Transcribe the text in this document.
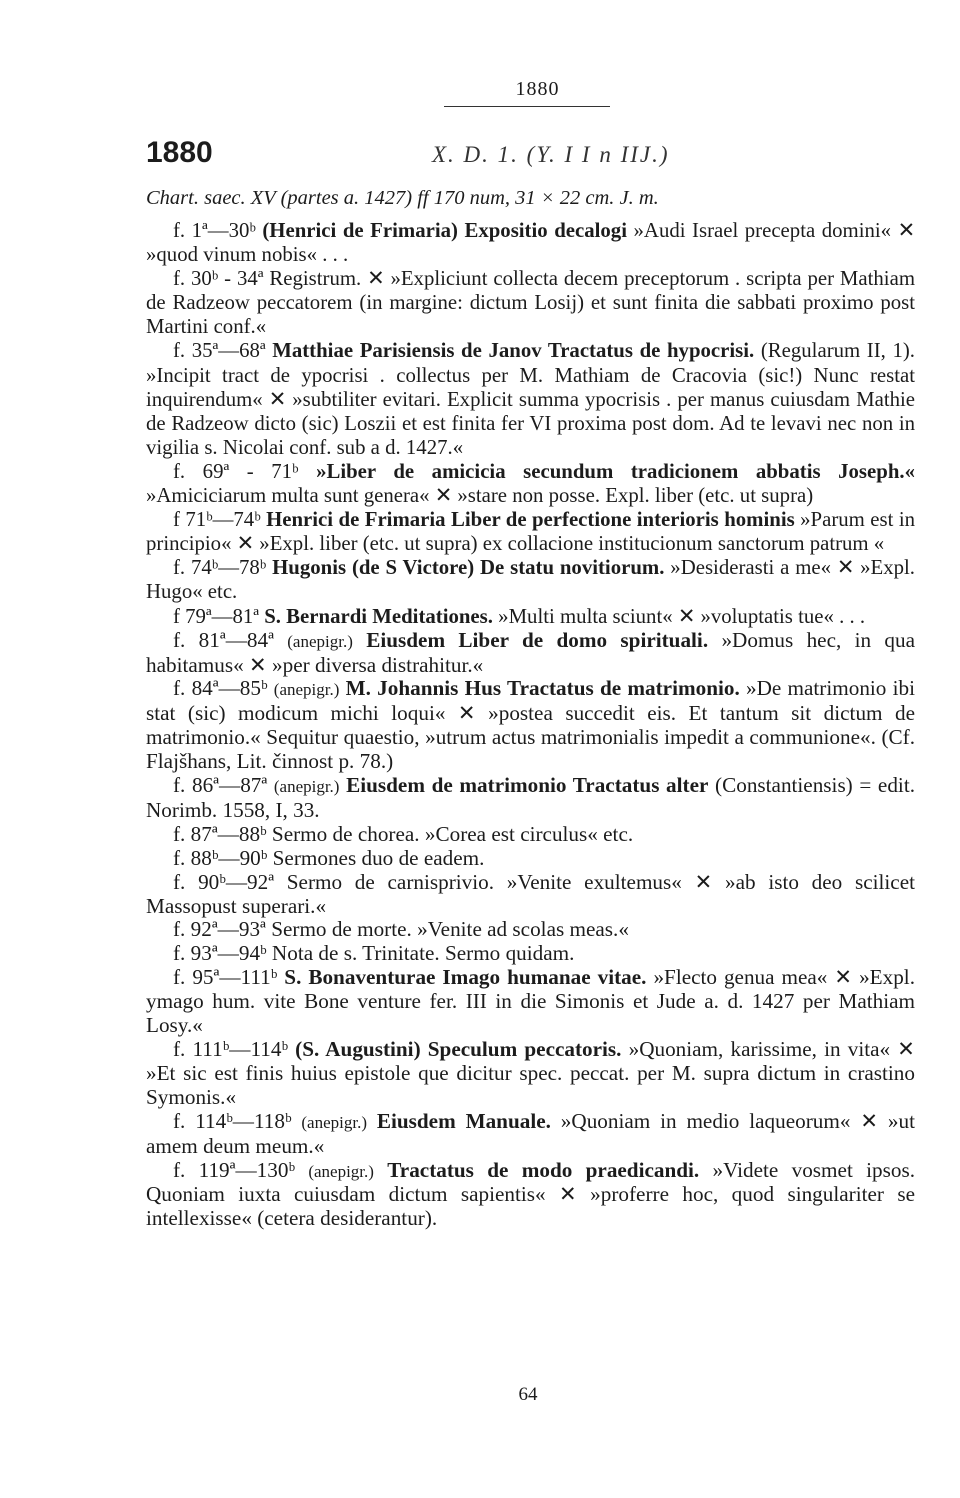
1880
1880	X. D. 1. (Y. I I n IIJ.)
Chart. saec. XV (partes a. 1427) ff 170 num, 31 × 22 cm. J. m.

f. 1ª—30ᵇ (Henrici de Frimaria) Expositio decalogi »Audi Israel precepta domini« ✕ »quod vinum nobis« . . .

f. 30ᵇ - 34ª Registrum. ✕ »Expliciunt collecta decem preceptorum . scripta per Mathiam de Radzeow peccatorem (in margine: dictum Losij) et sunt finita die sabbati proximo post Martini conf.«

f. 35ª—68ª Matthiae Parisiensis de Janov Tractatus de hypocrisi. (Regularum II, 1). »Incipit tract de ypocrisi . collectus per M. Mathiam de Cracovia (sic!) Nunc restat inquirendum« ✕ »subtiliter evitari. Explicit summa ypocrisis . per manus cuiusdam Mathie de Radzeow dicto (sic) Loszii et est finita fer VI proxima post dom. Ad te levavi nec non in vigilia s. Nicolai conf. sub a d. 1427.«

f. 69ª - 71ᵇ »Liber de amicicia secundum tradicionem abbatis Joseph.« »Amiciciarum multa sunt genera« ✕ »stare non posse. Expl. liber (etc. ut supra)

f 71ᵇ—74ᵇ Henrici de Frimaria Liber de perfectione interioris hominis »Parum est in principio« ✕ »Expl. liber (etc. ut supra) ex collacione institucionum sanctorum patrum «

f. 74ᵇ—78ᵇ Hugonis (de S Victore) De statu novitiorum. »Desiderasti a me« ✕ »Expl. Hugo« etc.

f 79ª—81ª S. Bernardi Meditationes. »Multi multa sciunt« ✕ »voluptatis tue« . . .

f. 81ª—84ª (anepigr.) Eiusdem Liber de domo spirituali. »Domus hec, in qua habitamus« ✕ »per diversa distrahitur.«

f. 84ª—85ᵇ (anepigr.) M. Johannis Hus Tractatus de matrimonio. »De matrimonio ibi stat (sic) modicum michi loqui« ✕ »postea succedit eis. Et tantum sit dictum de matrimonio.« Sequitur quaestio, »utrum actus matrimonialis impedit a communione«. (Cf. Flajšhans, Lit. činnost p. 78.)

f. 86ª—87ª (anepigr.) Eiusdem de matrimonio Tractatus alter (Constantiensis) = edit. Norimb. 1558, I, 33.

f. 87ª—88ᵇ Sermo de chorea. »Corea est circulus« etc.

f. 88ᵇ—90ᵇ Sermones duo de eadem.

f. 90ᵇ—92ª Sermo de carnisprivio. »Venite exultemus« ✕ »ab isto deo scilicet Massopust superari.«

f. 92ª—93ª Sermo de morte. »Venite ad scolas meas.«

f. 93ª—94ᵇ Nota de s. Trinitate. Sermo quidam.

f. 95ª—111ᵇ S. Bonaventurae Imago humanae vitae. »Flecto genua mea« ✕ »Expl. ymago hum. vite Bone venture fer. III in die Simonis et Jude a. d. 1427 per Mathiam Losy.«

f. 111ᵇ—114ᵇ (S. Augustini) Speculum peccatoris. »Quoniam, karissime, in vita« ✕ »Et sic est finis huius epistole que dicitur spec. peccat. per M. supra dictum in crastino Symonis.«

f. 114ᵇ—118ᵇ (anepigr.) Eiusdem Manuale. »Quoniam in medio laqueorum« ✕ »ut amem deum meum.«

f. 119ª—130ᵇ (anepigr.) Tractatus de modo praedicandi. »Videte vosmet ipsos. Quoniam iuxta cuiusdam dictum sapientis« ✕ »proferre hoc, quod singulariter se intellexisse« (cetera desiderantur).

64
